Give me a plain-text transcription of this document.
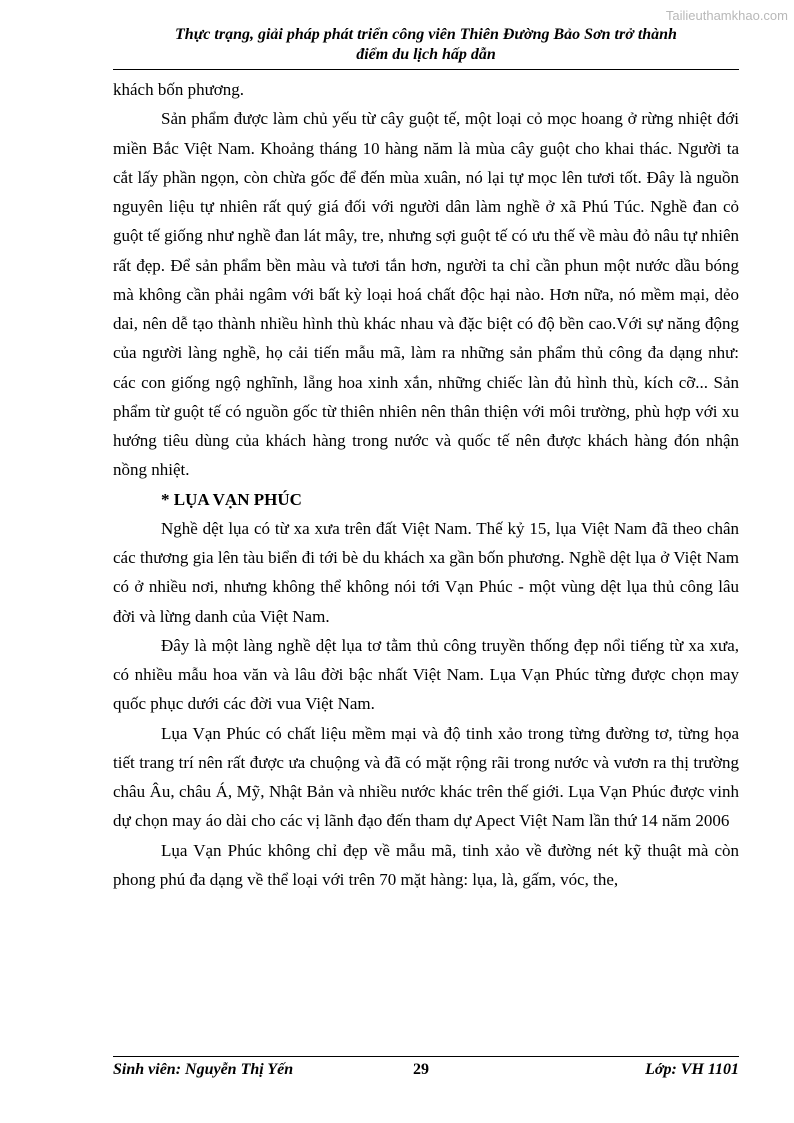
Tailieuthamkhao.com
Thực trạng, giải pháp phát triển công viên Thiên Đường Bảo Sơn trở thành
điểm du lịch hấp dẫn

khách bốn phương.

Sản phẩm được làm chủ yếu từ cây guột tế, một loại cỏ mọc hoang ở rừng nhiệt đới miền Bắc Việt Nam. Khoảng tháng 10 hàng năm là mùa cây guột cho khai thác. Người ta cắt lấy phần ngọn, còn chừa gốc để đến mùa xuân, nó lại tự mọc lên tươi tốt. Đây là nguồn nguyên liệu tự nhiên rất quý giá đối với người dân làm nghề ở xã Phú Túc. Nghề đan cỏ guột tế giống như nghề đan lát mây, tre, nhưng sợi guột tế có ưu thế về màu đỏ nâu tự nhiên rất đẹp. Để sản phẩm bền màu và tươi tắn hơn, người ta chỉ cần phun một nước dầu bóng mà không cần phải ngâm với bất kỳ loại hoá chất độc hại nào. Hơn nữa, nó mềm mại, dẻo dai, nên dễ tạo thành nhiều hình thù khác nhau và đặc biệt có độ bền cao.Với sự năng động của người làng nghề, họ cải tiến mẫu mã, làm ra những sản phẩm thủ công đa dạng như: các con giống ngộ nghĩnh, lẵng hoa xinh xắn, những chiếc làn đủ hình thù, kích cỡ... Sản phẩm từ guột tế có nguồn gốc từ thiên nhiên nên thân thiện với môi trường, phù hợp với xu hướng tiêu dùng của khách hàng trong nước và quốc tế nên được khách hàng đón nhận nồng nhiệt.

* LỤA VẠN PHÚC

Nghề dệt lụa có từ xa xưa trên đất Việt Nam. Thế kỷ 15, lụa Việt Nam đã theo chân các thương gia lên tàu biển đi tới bè du khách xa gần bốn phương. Nghề dệt lụa ở Việt Nam có ở nhiều nơi, nhưng không thể không nói tới Vạn Phúc - một vùng dệt lụa thủ công lâu đời và lừng danh của Việt Nam.

Đây là một làng nghề dệt lụa tơ tằm thủ công truyền thống đẹp nổi tiếng từ xa xưa, có nhiều mẫu hoa văn và lâu đời bậc nhất Việt Nam. Lụa Vạn Phúc từng được chọn may quốc phục dưới các đời vua Việt Nam.

Lụa Vạn Phúc có chất liệu mềm mại và độ tinh xảo trong từng đường tơ, từng họa tiết trang trí nên rất được ưa chuộng và đã có mặt rộng rãi trong nước và vươn ra thị trường châu Âu, châu Á, Mỹ, Nhật Bản và nhiều nước khác trên thế giới. Lụa Vạn Phúc được vinh dự chọn may áo dài cho các vị lãnh đạo đến tham dự Apect Việt Nam lần thứ 14 năm 2006

Lụa Vạn Phúc không chỉ đẹp về mẫu mã, tinh xảo về đường nét kỹ thuật mà còn phong phú đa dạng về thể loại với trên 70 mặt hàng: lụa, là, gấm, vóc, the,

Sinh viên: Nguyễn Thị Yến	29	Lớp: VH 1101
